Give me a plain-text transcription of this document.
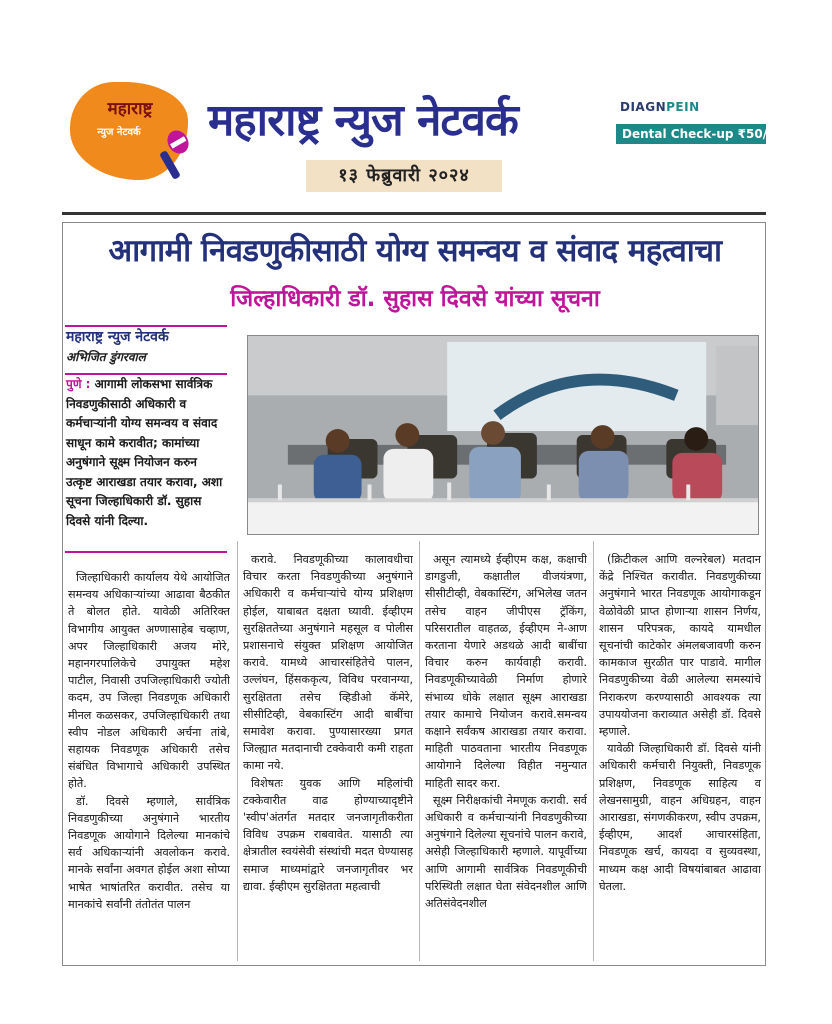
महाराष्ट्र
न्युज नेटवर्क	महाराष्ट्र न्युज नेटवर्क
१३ फेब्रुवारी २०२४
DIAGNPEIN
Dental Check-up ₹50/-
आगामी निवडणुकीसाठी योग्य समन्वय व संवाद महत्वाचा
जिल्हाधिकारी डॉ. सुहास दिवसे यांच्या सूचना
महाराष्ट्र न्युज नेटवर्क
अभिजित डुंगरवाल
पुणे : आगामी लोकसभा सार्वत्रिक निवडणुकीसाठी अधिकारी व कर्मचाऱ्यांनी योग्य समन्वय व संवाद साधून कामे करावीत; कामांच्या अनुषंगाने सूक्ष्म नियोजन करुन उत्कृष्ट आराखडा तयार करावा, अशा सूचना जिल्हाधिकारी डॉ. सुहास दिवसे यांनी दिल्या.

जिल्हाधिकारी कार्यालय येथे आयोजित समन्वय अधिकाऱ्यांच्या आढावा बैठकीत ते बोलत होते. यावेळी अतिरिक्त विभागीय आयुक्त अण्णासाहेब चव्हाण, अपर जिल्हाधिकारी अजय मोरे, महानगरपालिकेचे उपायुक्त महेश पाटील, निवासी उपजिल्हाधिकारी ज्योती कदम, उप जिल्हा निवडणूक अधिकारी मीनल कळसकर, उपजिल्हाधिकारी तथा स्वीप नोडल अधिकारी अर्चना तांबे, सहायक निवडणूक अधिकारी तसेच संबंधित विभागाचे अधिकारी उपस्थित होते.

डॉ. दिवसे म्हणाले, सार्वत्रिक निवडणुकीच्या अनुषंगाने भारतीय निवडणूक आयोगाने दिलेल्या मानकांचे सर्व अधिकाऱ्यांनी अवलोकन करावे. मानके सर्वांना अवगत होईल अशा सोप्या भाषेत भाषांतरित करावीत. तसेच या मानकांचे सर्वांनी तंतोतंत पालन

करावे. निवडणूकीच्या कालावधीचा विचार करता निवडणुकीच्या अनुषंगाने अधिकारी व कर्मचाऱ्यांचे योग्य प्रशिक्षण होईल, याबाबत दक्षता घ्यावी. ईव्हीएम सुरक्षिततेच्या अनुषंगाने महसूल व पोलीस प्रशासनाचे संयुक्त प्रशिक्षण आयोजित करावे. यामध्ये आचारसंहितेचे पालन, उल्लंघन, हिंसककृत्य, विविध परवानग्या, सुरक्षितता तसेच व्हिडीओ कॅमेरे, सीसीटिव्ही, वेबकास्टिंग आदी बाबींचा समावेश करावा. पुण्यासारख्या प्रगत जिल्ह्यात मतदानाची टक्केवारी कमी राहता कामा नये.

विशेषतः युवक आणि महिलांची टक्केवारीत वाढ होण्याच्यादृष्टीने 'स्वीप'अंतर्गत मतदार जनजागृतीकरीता विविध उपक्रम राबवावेत. यासाठी त्या क्षेत्रातील स्वयंसेवी संस्थांची मदत घेण्यासह समाज माध्यमांद्वारे जनजागृतीवर भर द्यावा. ईव्हीएम सुरक्षितता महत्वाची

असून त्यामध्ये ईव्हीएम कक्ष, कक्षाची डागडुजी, कक्षातील वीजयंत्रणा, सीसीटीव्ही, वेबकास्टिंग, अभिलेख जतन तसेच वाहन जीपीएस ट्रॅकिंग, परिसरातील वाहतळ, ईव्हीएम ने-आण करताना येणारे अडथळे आदी बाबींचा विचार करुन कार्यवाही करावी. निवडणूकीच्यावेळी निर्माण होणारे संभाव्य धोके लक्षात सूक्ष्म आराखडा तयार कामाचे नियोजन करावे.समन्वय कक्षाने सर्वंकष आराखडा तयार करावा. माहिती पाठवताना भारतीय निवडणूक आयोगाने दिलेल्या विहीत नमुन्यात माहिती सादर करा.

सूक्ष्म निरीक्षकांची नेमणूक करावी. सर्व अधिकारी व कर्मचाऱ्यांनी निवडणुकीच्या अनुषंगाने दिलेल्या सूचनांचे पालन करावे, असेही जिल्हाधिकारी म्हणाले. यापूर्वीच्या आणि आगामी सार्वत्रिक निवडणूकीची परिस्थिती लक्षात घेता संवेदनशील आणि अतिसंवेदनशील

(क्रिटीकल आणि वल्नरेबल) मतदान केंद्रे निश्चित करावीत. निवडणुकीच्या अनुषंगाने भारत निवडणूक आयोगाकडून वेळोवेळी प्राप्त होणाऱ्या शासन निर्णय, शासन परिपत्रक, कायदे यामधील सूचनांची काटेकोर अंमलबजावणी करुन कामकाज सुरळीत पार पाडावे. मागील निवडणुकीच्या वेळी आलेल्या समस्यांचे निराकरण करण्यासाठी आवश्यक त्या उपाययोजना कराव्यात असेही डॉ. दिवसे म्हणाले.

यावेळी जिल्हाधिकारी डॉ. दिवसे यांनी अधिकारी कर्मचारी नियुक्ती, निवडणूक प्रशिक्षण, निवडणूक साहित्य व लेखनसामुग्री, वाहन अधिग्रहन, वाहन आराखडा, संगणकीकरण, स्वीप उपक्रम, ईव्हीएम, आदर्श आचारसंहिता, निवडणूक खर्च, कायदा व सुव्यवस्था, माध्यम कक्ष आदी विषयांबाबत आढावा घेतला.
